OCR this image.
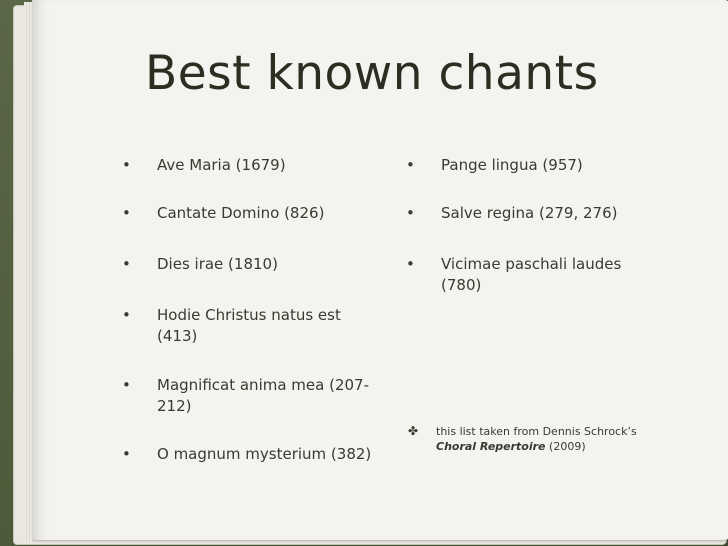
Best known chants
•	Ave Maria (1679)
•	Cantate Domino (826)
•	Dies irae (1810)
•	Hodie Christus natus est (413)
•	Magnificat anima mea (207-212)
•	O magnum mysterium (382)
•	Pange lingua (957)
•	Salve regina (279, 276)
•	Vicimae paschali laudes (780)
✤ this list taken from Dennis Schrock’s Choral Repertoire (2009)
